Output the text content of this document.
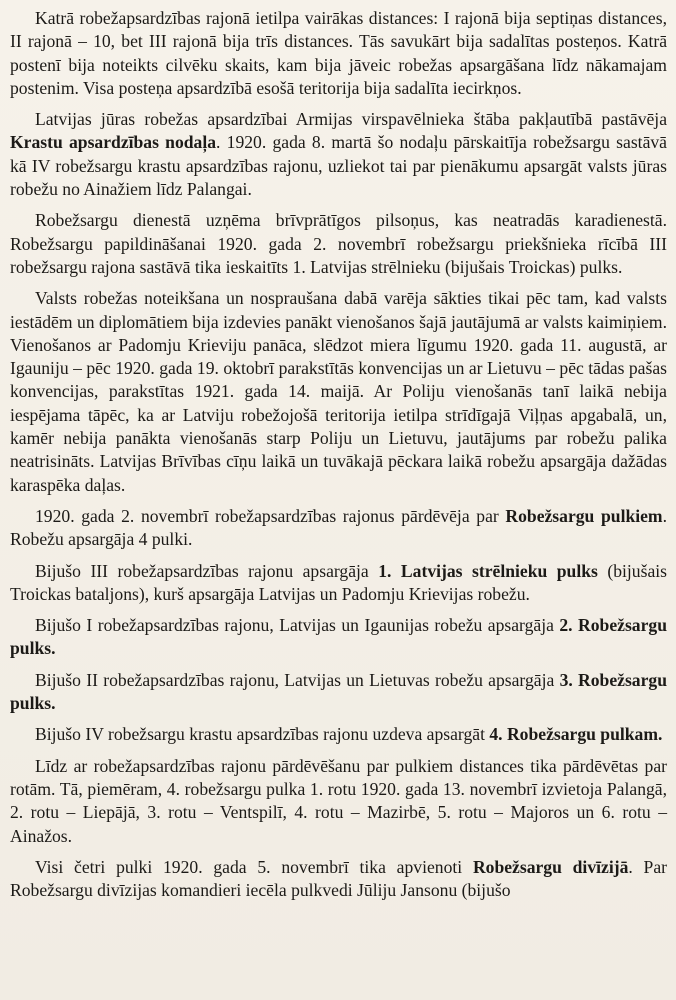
Katrā robežapsardzības rajonā ietilpa vairākas distances: I rajonā bija septiņas distances, II rajonā – 10, bet III rajonā bija trīs distances. Tās savukārt bija sadalītas posteņos. Katrā postenī bija noteikts cilvēku skaits, kam bija jāveic robežas apsargāšana līdz nākamajam postenim. Visa posteņa apsardzībā esošā teritorija bija sadalīta iecirkņos.

Latvijas jūras robežas apsardzībai Armijas virspavēlnieka štāba pakļautībā pastāvēja Krastu apsardzības nodaļa. 1920. gada 8. martā šo nodaļu pārskaitīja robežsargu sastāvā kā IV robežsargu krastu apsardzības rajonu, uzliekot tai par pienākumu apsargāt valsts jūras robežu no Ainažiem līdz Palangai.

Robežsargu dienestā uzņēma brīvprātīgos pilsoņus, kas neatradās karadienestā. Robežsargu papildināšanai 1920. gada 2. novembrī robežsargu priekšnieka rīcībā III robežsargu rajona sastāvā tika ieskaitīts 1. Latvijas strēlnieku (bijušais Troickas) pulks.

Valsts robežas noteikšana un nospraušana dabā varēja sākties tikai pēc tam, kad valsts iestādēm un diplomātiem bija izdevies panākt vienošanos šajā jautājumā ar valsts kaimiņiem. Vienošanos ar Padomju Krieviju panāca, slēdzot miera līgumu 1920. gada 11. augustā, ar Igauniju – pēc 1920. gada 19. oktobrī parakstītās konvencijas un ar Lietuvu – pēc tādas pašas konvencijas, parakstītas 1921. gada 14. maijā. Ar Poliju vienošanās tanī laikā nebija iespējama tāpēc, ka ar Latviju robežojošā teritorija ietilpa strīdīgajā Viļņas apgabalā, un, kamēr nebija panākta vienošanās starp Poliju un Lietuvu, jautājums par robežu palika neatrisināts. Latvijas Brīvības cīņu laikā un tuvākajā pēckara laikā robežu apsargāja dažādas karaspēka daļas.

1920. gada 2. novembrī robežapsardzības rajonus pārdēvēja par Robežsargu pulkiem. Robežu apsargāja 4 pulki.

Bijušo III robežapsardzības rajonu apsargāja 1. Latvijas strēlnieku pulks (bijušais Troickas bataljons), kurš apsargāja Latvijas un Padomju Krievijas robežu.

Bijušo I robežapsardzības rajonu, Latvijas un Igaunijas robežu apsargāja 2. Robežsargu pulks.

Bijušo II robežapsardzības rajonu, Latvijas un Lietuvas robežu apsargāja 3. Robežsargu pulks.

Bijušo IV robežsargu krastu apsardzības rajonu uzdeva apsargāt 4. Robežsargu pulkam.

Līdz ar robežapsardzības rajonu pārdēvēšanu par pulkiem distances tika pārdēvētas par rotām. Tā, piemēram, 4. robežsargu pulka 1. rotu 1920. gada 13. novembrī izvietoja Palangā, 2. rotu – Liepājā, 3. rotu – Ventspilī, 4. rotu – Mazirbē, 5. rotu – Majoros un 6. rotu – Ainažos.

Visi četri pulki 1920. gada 5. novembrī tika apvienoti Robežsargu divīzijā. Par Robežsargu divīzijas komandieri iecēla pulkvedi Jūliju Jansonu (bijušo
